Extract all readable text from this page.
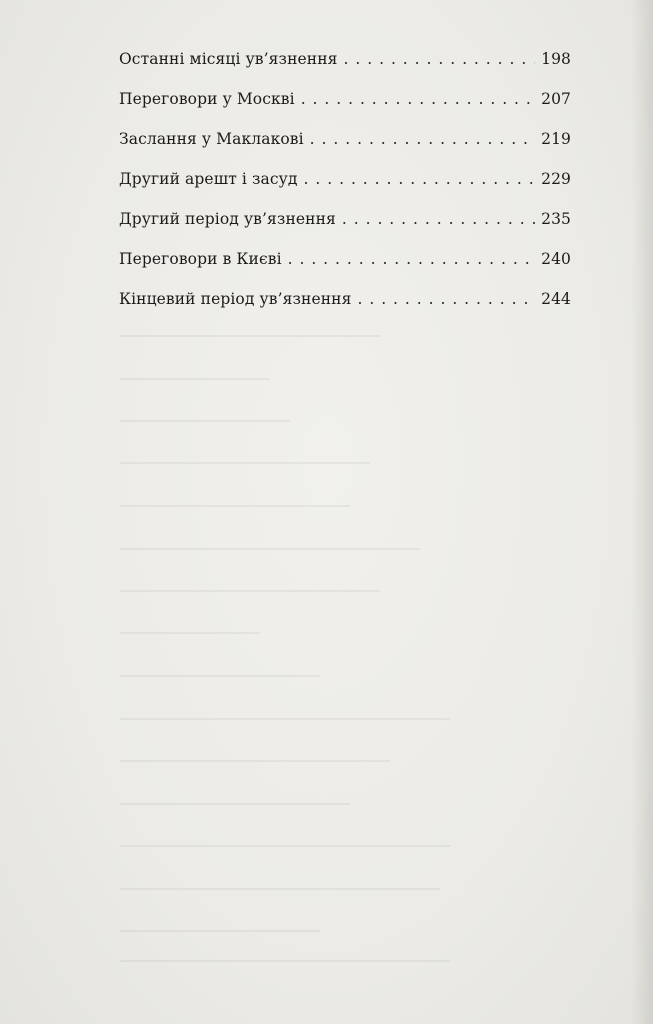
Останні місяці ув’язнення . . .	198
Переговори у Москві . . .	207
Заслання у Маклакові . . .	219
Другий арешт і засуд . . .	229
Другий період ув’язнення . . .	235
Переговори в Києві . . .	240
Кінцевий період ув’язнення . . .	244
